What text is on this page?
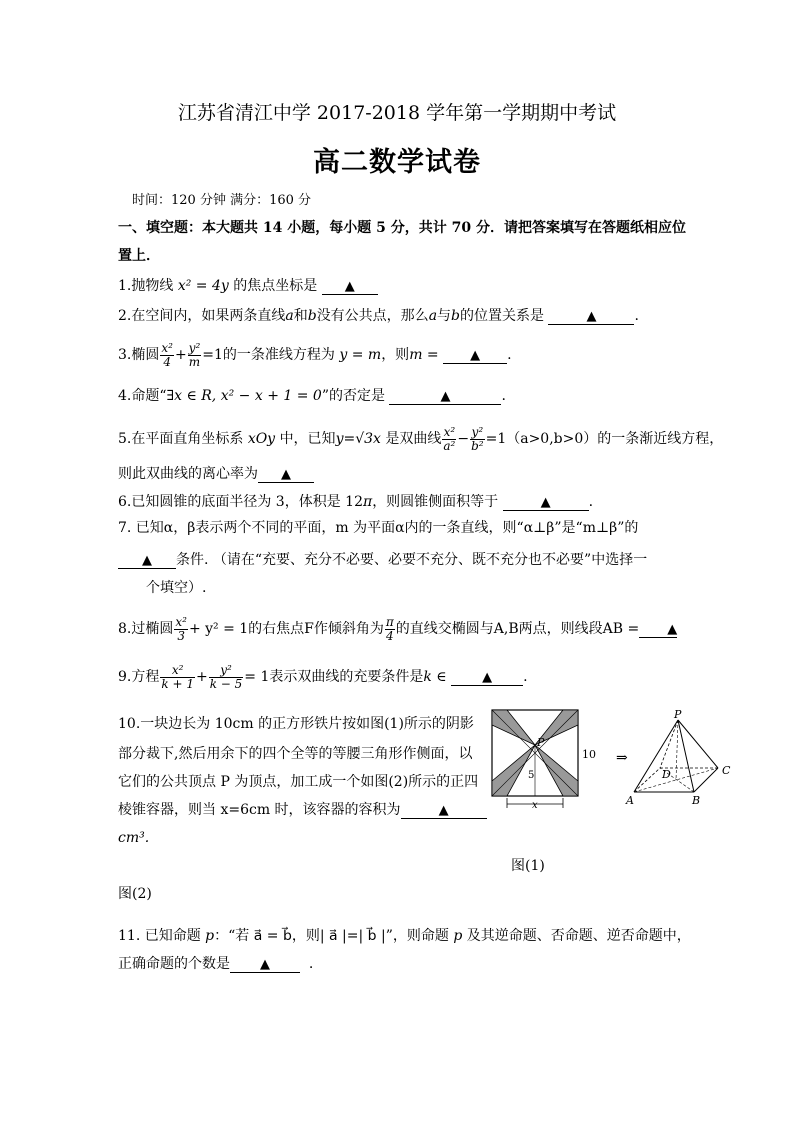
江苏省清江中学 2017-2018 学年第一学期期中考试
高二数学试卷
时间：120 分钟 满分：160 分
一、填空题：本大题共 14 小题，每小题 5 分，共计 70 分．请把答案填写在答题纸相应位
置上．
1.抛物线 x² = 4y 的焦点坐标是 ▲
2.在空间内，如果两条直线a和b没有公共点，那么a与b的位置关系是	▲	.
3.椭圆 $\frac{\text{x²}}{4} + \frac{\text{y²}}{m} =1$的一条准线方程为 y = m，则m = ▲ .
4.命题“∃x ∈ R, x² − x + 1 = 0”的否定是	▲	.
5.在平面直角坐标系 xOy 中，已知y=√3x 是双曲线 $\frac{\text{x²}}{\text{a²}} - \frac{\text{y²}}{\text{b²}} =1(a>0,b>0)$的一条渐近线方程，
则此双曲线的离心率为 ▲
6.已知圆锥的底面半径为 3，体积是 12π，则圆锥侧面积等于	▲	.
7. 已知α，β表示两个不同的平面，m 为平面α内的一条直线，则“α⊥β”是“m⊥β”的
▲ 条件. （请在“充要、充分不必要、必要不充分、既不充分也不必要”中选择一
个填空）.
8.过椭圆 $\frac{\text{x²}}{3} + y^2 = 1$的右焦点F作倾斜角为 $\frac{\pi}{4}$ 的直线交椭圆与A,B两点，则线段AB = ▲
9.方程 $\frac{\text{x²}}{k + 1} + \frac{\text{y²}}{k - 5} = 1$表示双曲线的充要条件是k ∈	▲ .
10.一块边长为 10cm 的正方形铁片按如图(1)所示的阴影
部分裁下,然后用余下的四个全等的等腰三角形作侧面，以
它们的公共顶点 P 为顶点，加工成一个如图(2)所示的正四
棱锥容器，则当 x=6cm 时，该容器的容积为	▲
cm³.
P
5
x
10 ⇒
P
D	C
A	B
图(1)
图(2)
11. 已知命题 p：“若 a⃗ = b⃗，则| a⃗ |=| b⃗ |”，则命题 p 及其逆命题、否命题、逆否命题中，
正确命题的个数是 ▲	.
